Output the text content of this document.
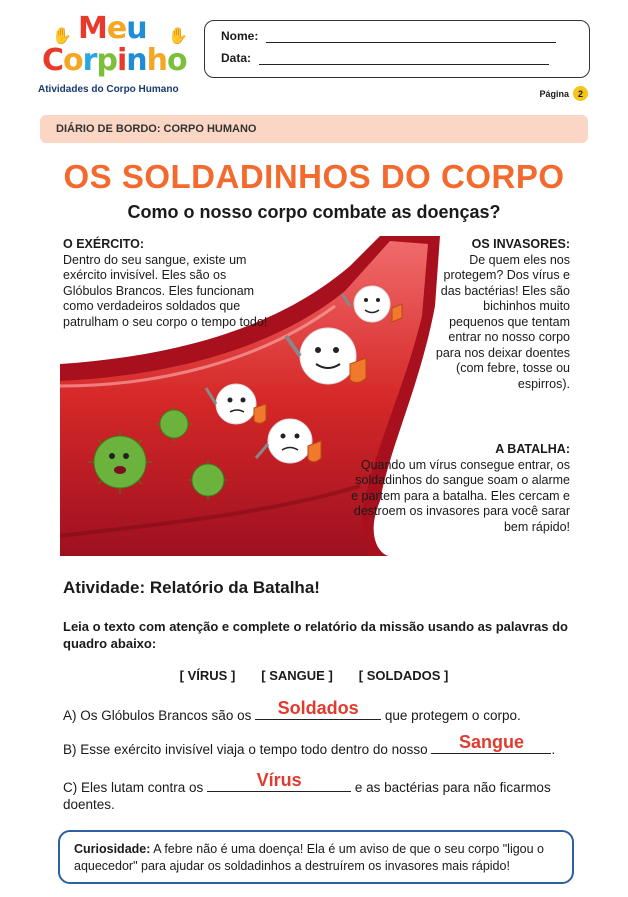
✋ Meu ✋
Corpinho
Atividades do Corpo Humano
Nome:
Data:
Página 2
DIÁRIO DE BORDO: CORPO HUMANO
OS SOLDADINHOS DO CORPO
Como o nosso corpo combate as doenças?
O EXÉRCITO:
Dentro do seu sangue, existe um exército invisível. Eles são os Glóbulos Brancos. Eles funcionam como verdadeiros soldados que patrulham o seu corpo o tempo todo!
OS INVASORES:
De quem eles nos protegem? Dos vírus e das bactérias! Eles são bichinhos muito pequenos que tentam entrar no nosso corpo para nos deixar doentes (com febre, tosse ou espirros).
A BATALHA:
Quando um vírus consegue entrar, os soldadinhos do sangue soam o alarme e partem para a batalha. Eles cercam e destroem os invasores para você sarar bem rápido!
Atividade: Relatório da Batalha!
Leia o texto com atenção e complete o relatório da missão usando as palavras do quadro abaixo:
[ VÍRUS ] [ SANGUE ] [ SOLDADOS ]
A) Os Glóbulos Brancos são os	Soldados	que protegem o corpo.
B) Esse exército invisível viaja o tempo todo dentro do nosso	Sangue	.
C) Eles lutam contra os	Vírus	e as bactérias para não ficarmos doentes.

Curiosidade: A febre não é uma doença! Ela é um aviso de que o seu corpo "ligou o aquecedor" para ajudar os soldadinhos a destruírem os invasores mais rápido!
